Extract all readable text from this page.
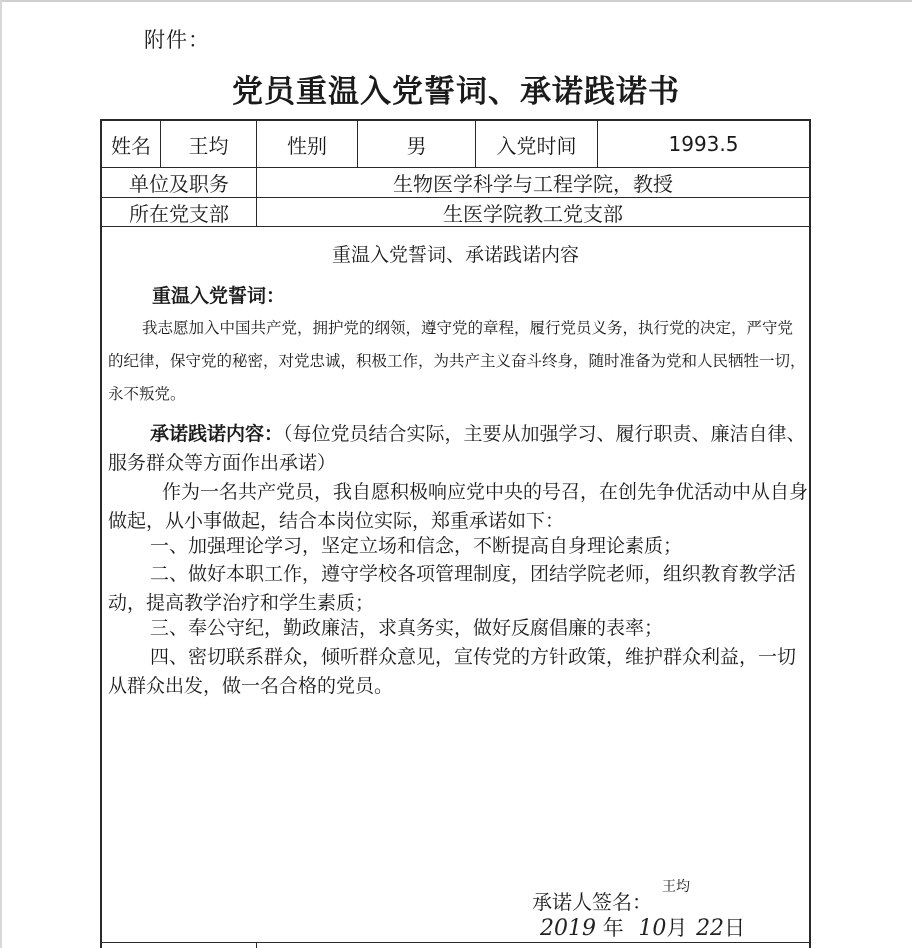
附件：
党员重温入党誓词、承诺践诺书
姓名	王均	性别	男	入党时间	1993.5
单位及职务	生物医学科学与工程学院，教授
所在党支部	生医学院教工党支部
重温入党誓词、承诺践诺内容
重温入党誓词：
我志愿加入中国共产党，拥护党的纲领，遵守党的章程，履行党员义务，执行党的决定，严守党的纪律，保守党的秘密，对党忠诚，积极工作，为共产主义奋斗终身，随时准备为党和人民牺牲一切，永不叛党。
承诺践诺内容：（每位党员结合实际，主要从加强学习、履行职责、廉洁自律、服务群众等方面作出承诺）
作为一名共产党员，我自愿积极响应党中央的号召，在创先争优活动中从自身做起，从小事做起，结合本岗位实际，郑重承诺如下：
一、加强理论学习，坚定立场和信念，不断提高自身理论素质；
二、做好本职工作，遵守学校各项管理制度，团结学院老师，组织教育教学活动，提高教学治疗和学生素质；
三、奉公守纪，勤政廉洁，求真务实，做好反腐倡廉的表率；
四、密切联系群众，倾听群众意见，宣传党的方针政策，维护群众利益，一切从群众出发，做一名合格的党员。
承诺人签名：
王均
2019 年 10月 22日
